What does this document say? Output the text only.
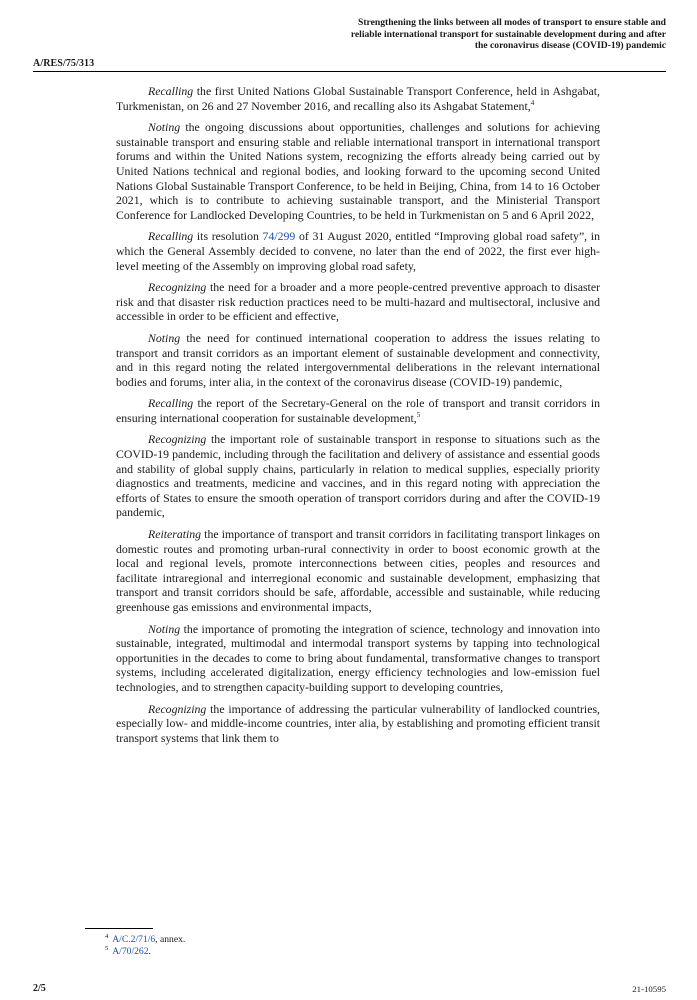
A/RES/75/313
Strengthening the links between all modes of transport to ensure stable and reliable international transport for sustainable development during and after the coronavirus disease (COVID-19) pandemic

Recalling the first United Nations Global Sustainable Transport Conference, held in Ashgabat, Turkmenistan, on 26 and 27 November 2016, and recalling also its Ashgabat Statement,$^4$

Noting the ongoing discussions about opportunities, challenges and solutions for achieving sustainable transport and ensuring stable and reliable international transport in international transport forums and within the United Nations system, recognizing the efforts already being carried out by United Nations technical and regional bodies, and looking forward to the upcoming second United Nations Global Sustainable Transport Conference, to be held in Beijing, China, from 14 to 16 October 2021, which is to contribute to achieving sustainable transport, and the Ministerial Transport Conference for Landlocked Developing Countries, to be held in Turkmenistan on 5 and 6 April 2022,

Recalling its resolution 74/299 of 31 August 2020, entitled “Improving global road safety”, in which the General Assembly decided to convene, no later than the end of 2022, the first ever high-level meeting of the Assembly on improving global road safety,

Recognizing the need for a broader and a more people-centred preventive approach to disaster risk and that disaster risk reduction practices need to be multi-hazard and multisectoral, inclusive and accessible in order to be efficient and effective,

Noting the need for continued international cooperation to address the issues relating to transport and transit corridors as an important element of sustainable development and connectivity, and in this regard noting the related intergovernmental deliberations in the relevant international bodies and forums, inter alia, in the context of the coronavirus disease (COVID-19) pandemic,

Recalling the report of the Secretary-General on the role of transport and transit corridors in ensuring international cooperation for sustainable development,$^5$

Recognizing the important role of sustainable transport in response to situations such as the COVID-19 pandemic, including through the facilitation and delivery of assistance and essential goods and stability of global supply chains, particularly in relation to medical supplies, especially priority diagnostics and treatments, medicine and vaccines, and in this regard noting with appreciation the efforts of States to ensure the smooth operation of transport corridors during and after the COVID-19 pandemic,

Reiterating the importance of transport and transit corridors in facilitating transport linkages on domestic routes and promoting urban-rural connectivity in order to boost economic growth at the local and regional levels, promote interconnections between cities, peoples and resources and facilitate intraregional and interregional economic and sustainable development, emphasizing that transport and transit corridors should be safe, affordable, accessible and sustainable, while reducing greenhouse gas emissions and environmental impacts,

Noting the importance of promoting the integration of science, technology and innovation into sustainable, integrated, multimodal and intermodal transport systems by tapping into technological opportunities in the decades to come to bring about fundamental, transformative changes to transport systems, including accelerated digitalization, energy efficiency technologies and low-emission fuel technologies, and to strengthen capacity-building support to developing countries,

Recognizing the importance of addressing the particular vulnerability of landlocked countries, especially low- and middle-income countries, inter alia, by establishing and promoting efficient transit transport systems that link them to

$^4$ A/C.2/71/6, annex.

$^5$ A/70/262.

2/5	21-10595
